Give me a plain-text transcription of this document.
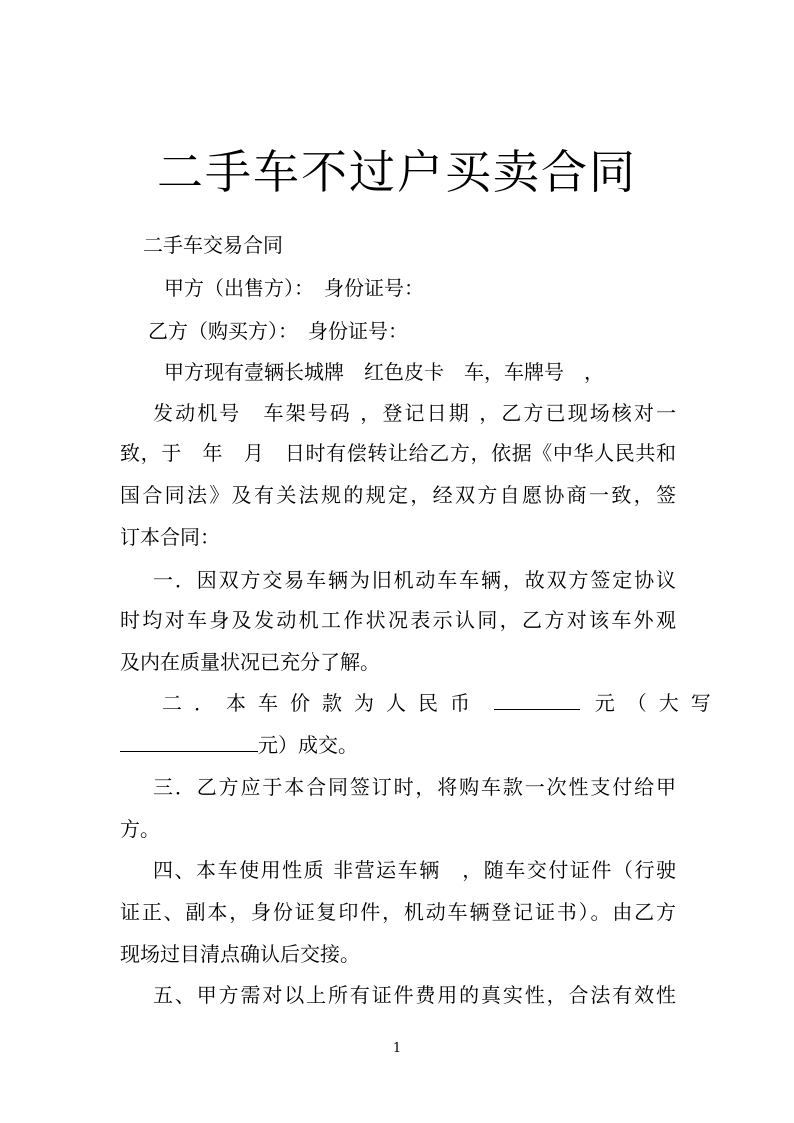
二手车不过户买卖合同
二手车交易合同
甲方（出售方）：　身份证号：
乙方（购买方）：　身份证号：
甲方现有壹辆长城牌　红色皮卡　车，车牌号　，
发动机号　车架号码 ，登记日期 ，乙方已现场核对一
致，于　年　月　日时有偿转让给乙方，依据《中华人民共和
国合同法》及有关法规的规定，经双方自愿协商一致，签
订本合同：
一．因双方交易车辆为旧机动车车辆，故双方签定协议
时均对车身及发动机工作状况表示认同，乙方对该车外观
及内在质量状况已充分了解。
二．本车价款为人民币	元（大写
元）成交。
三．乙方应于本合同签订时，将购车款一次性支付给甲
方。
四、本车使用性质 非营运车辆　，随车交付证件（行驶
证正、副本，身份证复印件，机动车辆登记证书）。由乙方
现场过目清点确认后交接。
五、甲方需对以上所有证件费用的真实性，合法有效性
1
